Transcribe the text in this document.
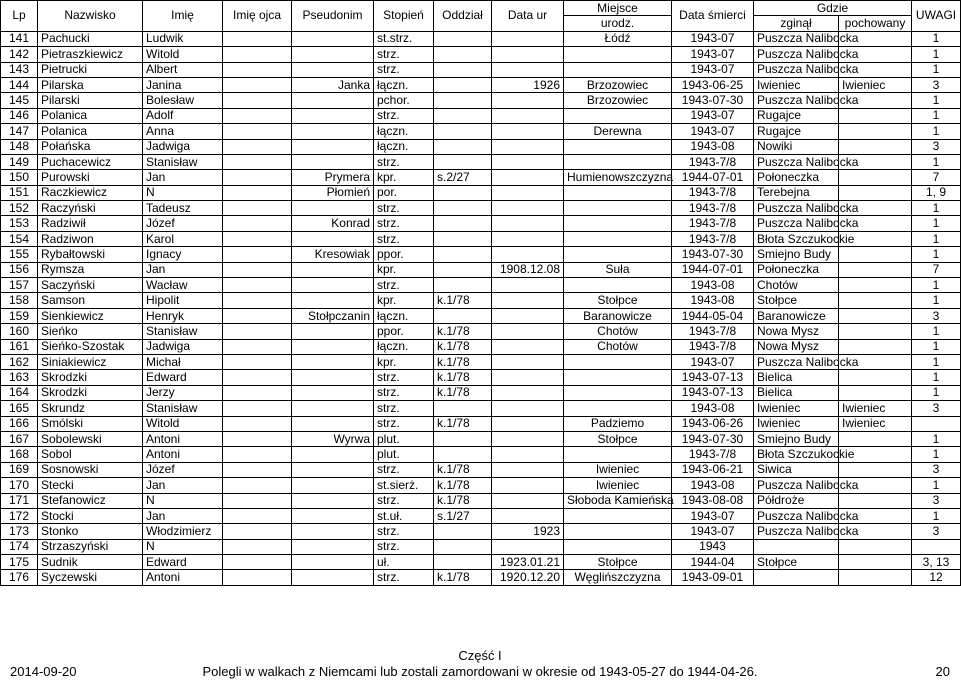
Lp	Nazwisko	Imię	Imię ojca	Pseudonim	Stopień	Oddział	Data ur	Miejsce	Data śmierci	Gdzie		UWAGI
								urodz.		zginął	pochowany	
141	Pachucki	Ludwik			st.strz.			Łódź	1943-07	Puszcza Nalibocka		1
142	Pietraszkiewicz	Witold			strz.				1943-07	Puszcza Nalibocka		1
143	Pietrucki	Albert			strz.				1943-07	Puszcza Nalibocka		1
144	Pilarska	Janina		Janka	łączn.		1926	Brzozowiec	1943-06-25	Iwieniec	Iwieniec	3
145	Pilarski	Bolesław			pchor.			Brzozowiec	1943-07-30	Puszcza Nalibocka		1
146	Polanica	Adolf			strz.				1943-07	Rugajce		1
147	Polanica	Anna			łączn.			Derewna	1943-07	Rugajce		1
148	Połańska	Jadwiga			łączn.				1943-08	Nowiki		3
149	Puchacewicz	Stanisław			strz.				1943-7/8	Puszcza Nalibocka		1
150	Purowski	Jan		Prymera	kpr.	s.2/27		Humienowszczyzna	1944-07-01	Połoneczka		7
151	Raczkiewicz	N		Płomień	por.				1943-7/8	Terebejna		1, 9
152	Raczyński	Tadeusz			strz.				1943-7/8	Puszcza Nalibocka		1
153	Radziwił	Józef		Konrad	strz.				1943-7/8	Puszcza Nalibocka		1
154	Radziwon	Karol			strz.				1943-7/8	Błota Szczukockie		1
155	Rybałtowski	Ignacy		Kresowiak	ppor.				1943-07-30	Smiejno Budy		1
156	Rymsza	Jan			kpr.		1908.12.08	Suła	1944-07-01	Połoneczka		7
157	Saczyński	Wacław			strz.				1943-08	Chotów		1
158	Samson	Hipolit			kpr.	k.1/78		Stołpce	1943-08	Stołpce		1
159	Sienkiewicz	Henryk		Stołpczanin	łączn.			Baranowicze	1944-05-04	Baranowicze		3
160	Sieńko	Stanisław			ppor.	k.1/78		Chotów	1943-7/8	Nowa Mysz		1
161	Sieńko-Szostak	Jadwiga			łączn.	k.1/78		Chotów	1943-7/8	Nowa Mysz		1
162	Siniakiewicz	Michał			kpr.	k.1/78			1943-07	Puszcza Nalibocka		1
163	Skrodzki	Edward			strz.	k.1/78			1943-07-13	Bielica		1
164	Skrodzki	Jerzy			strz.	k.1/78			1943-07-13	Bielica		1
165	Skrundz	Stanisław			strz.				1943-08	Iwieniec	Iwieniec	3
166	Smólski	Witold			strz.	k.1/78		Padziemo	1943-06-26	Iwieniec	Iwieniec	
167	Sobolewski	Antoni		Wyrwa	plut.			Stołpce	1943-07-30	Smiejno Budy		1
168	Sobol	Antoni			plut.				1943-7/8	Błota Szczukockie		1
169	Sosnowski	Józef			strz.	k.1/78		Iwieniec	1943-06-21	Siwica		3
170	Stecki	Jan			st.sierż.	k.1/78		Iwieniec	1943-08	Puszcza Nalibocka		1
171	Stefanowicz	N			strz.	k.1/78		Słoboda Kamieńska	1943-08-08	Półdroże		3
172	Stocki	Jan			st.uł.	s.1/27			1943-07	Puszcza Nalibocka		1
173	Stonko	Włodzimierz			strz.		1923		1943-07	Puszcza Nalibocka		3
174	Strzaszyński	N			strz.				1943			
175	Sudnik	Edward			uł.		1923.01.21	Stołpce	1944-04	Stołpce		3, 13
176	Syczewski	Antoni			strz.	k.1/78	1920.12.20	Węglińszczyzna	1943-09-01			12
Część I
2014-09-20	Polegli w walkach z Niemcami lub zostali zamordowani w okresie od 1943-05-27 do 1944-04-26.	20
